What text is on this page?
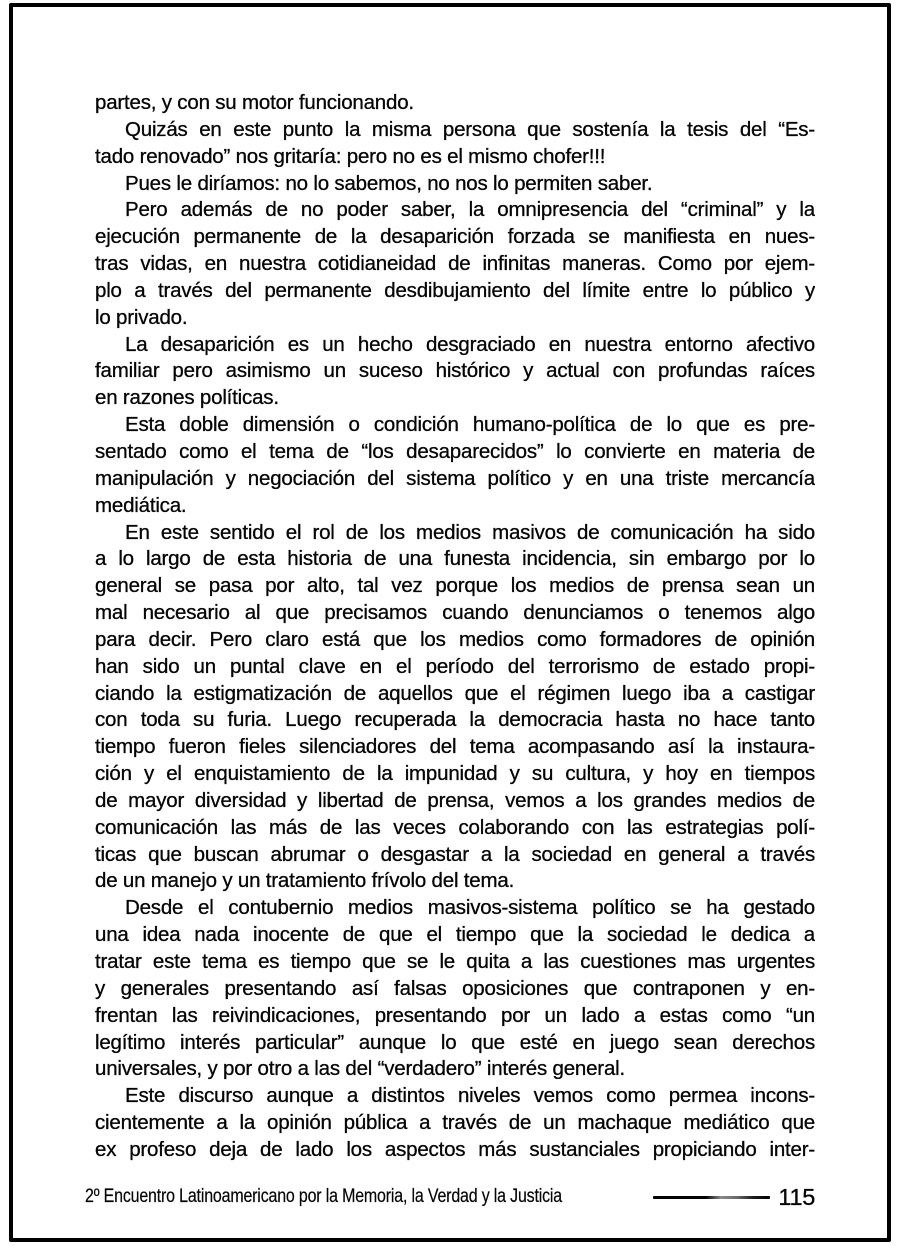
partes, y con su motor funcionando.
Quizás en este punto la misma persona que sostenía la tesis del “Es-
tado renovado” nos gritaría: pero no es el mismo chofer!!!
Pues le diríamos: no lo sabemos, no nos lo permiten saber.
Pero además de no poder saber, la omnipresencia del “criminal” y la
ejecución permanente de la desaparición forzada se manifiesta en nues-
tras vidas, en nuestra cotidianeidad de infinitas maneras. Como por ejem-
plo a través del permanente desdibujamiento del límite entre lo público y
lo privado.
La desaparición es un hecho desgraciado en nuestra entorno afectivo
familiar pero asimismo un suceso histórico y actual con profundas raíces
en razones políticas.
Esta doble dimensión o condición humano-política de lo que es pre-
sentado como el tema de “los desaparecidos” lo convierte en materia de
manipulación y negociación del sistema político y en una triste mercancía
mediática.
En este sentido el rol de los medios masivos de comunicación ha sido
a lo largo de esta historia de una funesta incidencia, sin embargo por lo
general se pasa por alto, tal vez porque los medios de prensa sean un
mal necesario al que precisamos cuando denunciamos o tenemos algo
para decir. Pero claro está que los medios como formadores de opinión
han sido un puntal clave en el período del terrorismo de estado propi-
ciando la estigmatización de aquellos que el régimen luego iba a castigar
con toda su furia. Luego recuperada la democracia hasta no hace tanto
tiempo fueron fieles silenciadores del tema acompasando así la instaura-
ción y el enquistamiento de la impunidad y su cultura, y hoy en tiempos
de mayor diversidad y libertad de prensa, vemos a los grandes medios de
comunicación las más de las veces colaborando con las estrategias polí-
ticas que buscan abrumar o desgastar a la sociedad en general a través
de un manejo y un tratamiento frívolo del tema.
Desde el contubernio medios masivos-sistema político se ha gestado
una idea nada inocente de que el tiempo que la sociedad le dedica a
tratar este tema es tiempo que se le quita a las cuestiones mas urgentes
y generales presentando así falsas oposiciones que contraponen y en-
frentan las reivindicaciones, presentando por un lado a estas como “un
legítimo interés particular” aunque lo que esté en juego sean derechos
universales, y por otro a las del “verdadero” interés general.
Este discurso aunque a distintos niveles vemos como permea incons-
cientemente a la opinión pública a través de un machaque mediático que
ex profeso deja de lado los aspectos más sustanciales propiciando inter-
2º Encuentro Latinoamericano por la Memoria, la Verdad y la Justicia	115
